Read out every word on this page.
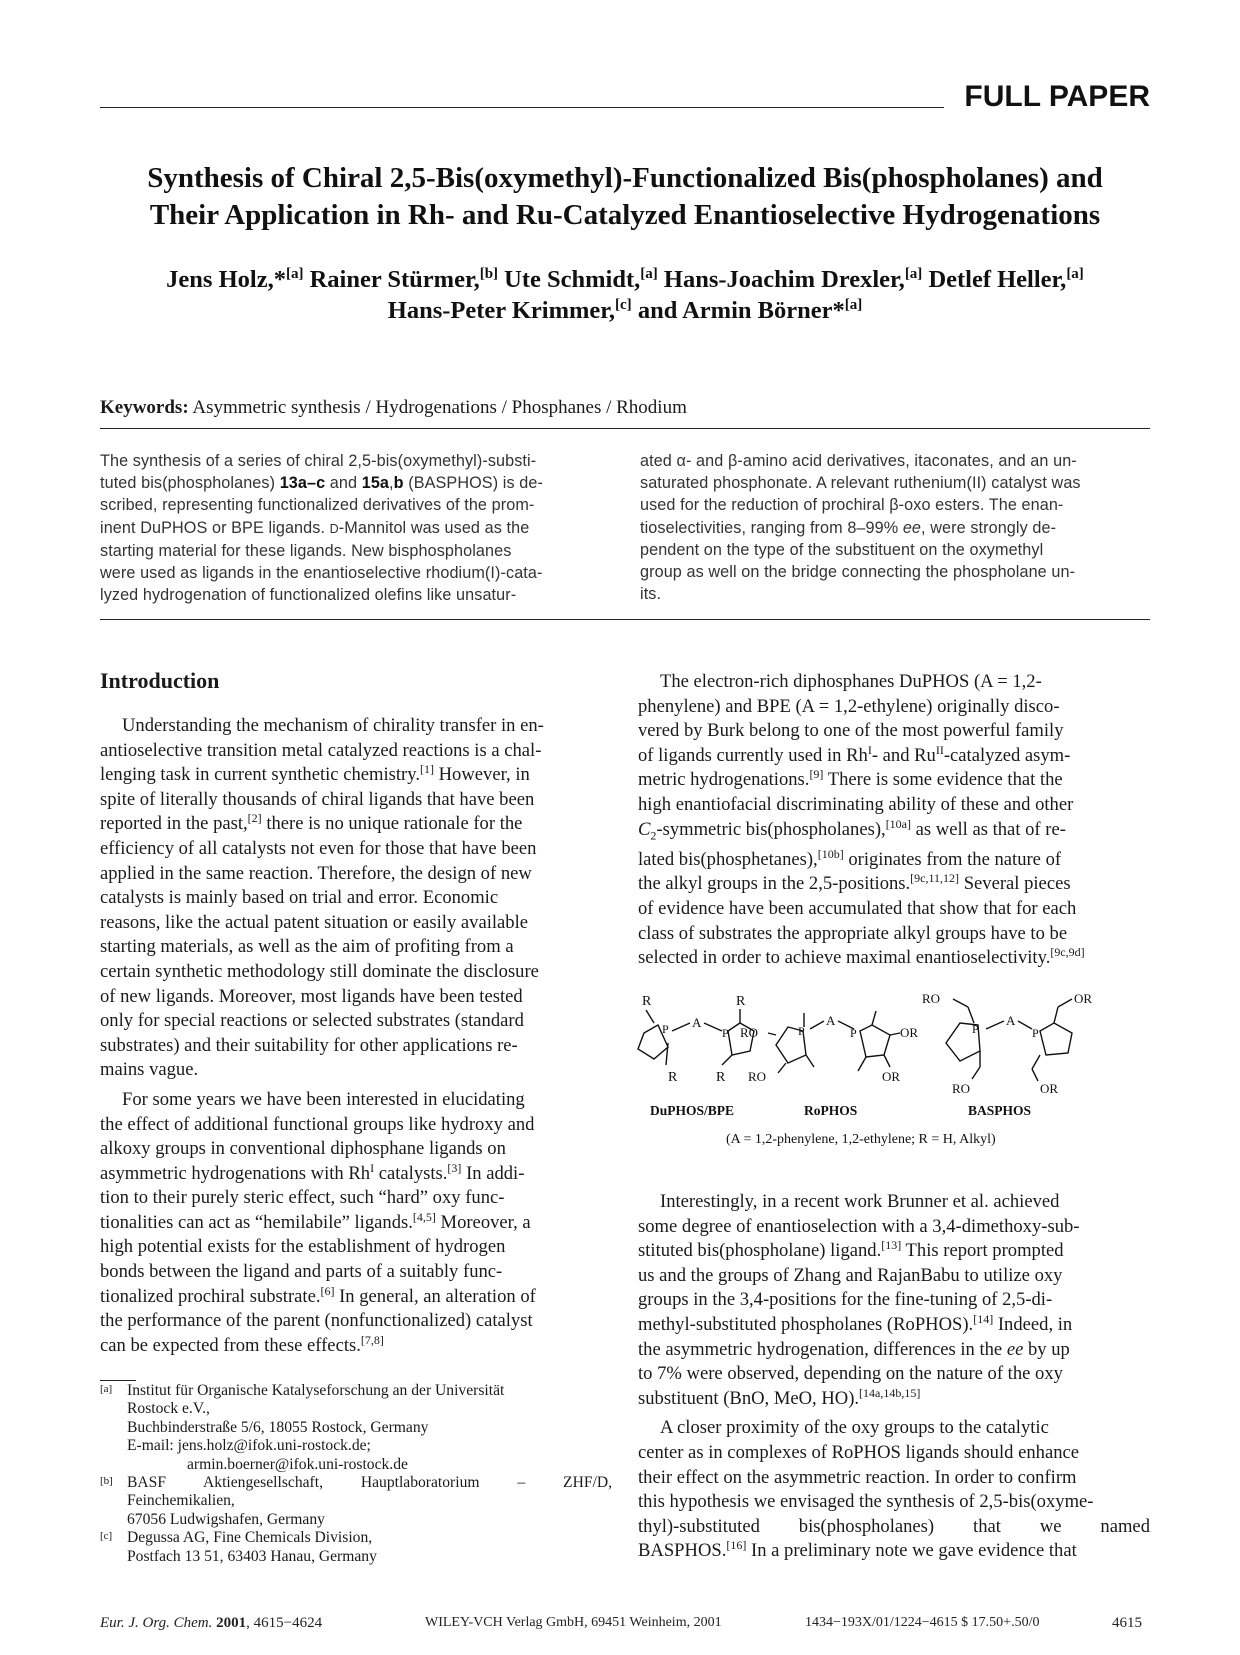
FULL PAPER
Synthesis of Chiral 2,5-Bis(oxymethyl)-Functionalized Bis(phospholanes) and
Their Application in Rh- and Ru-Catalyzed Enantioselective Hydrogenations
Jens Holz,*[a] Rainer Stürmer,[b] Ute Schmidt,[a] Hans-Joachim Drexler,[a] Detlef Heller,[a]
Hans-Peter Krimmer,[c] and Armin Börner*[a]
Keywords: Asymmetric synthesis / Hydrogenations / Phosphanes / Rhodium
The synthesis of a series of chiral 2,5-bis(oxymethyl)-substi-
tuted bis(phospholanes) 13a–c and 15a,b (BASPHOS) is de-
scribed, representing functionalized derivatives of the prom-
inent DuPHOS or BPE ligands. D-Mannitol was used as the
starting material for these ligands. New bisphospholanes
were used as ligands in the enantioselective rhodium(I)-cata-
lyzed hydrogenation of functionalized olefins like unsatur-
ated α- and β-amino acid derivatives, itaconates, and an un-
saturated phosphonate. A relevant ruthenium(II) catalyst was
used for the reduction of prochiral β-oxo esters. The enan-
tioselectivities, ranging from 8–99% ee, were strongly de-
pendent on the type of the substituent on the oxymethyl
group as well on the bridge connecting the phospholane un-
its.
Introduction
Understanding the mechanism of chirality transfer in en-
antioselective transition metal catalyzed reactions is a chal-
lenging task in current synthetic chemistry.[1] However, in
spite of literally thousands of chiral ligands that have been
reported in the past,[2] there is no unique rationale for the
efficiency of all catalysts not even for those that have been
applied in the same reaction. Therefore, the design of new
catalysts is mainly based on trial and error. Economic
reasons, like the actual patent situation or easily available
starting materials, as well as the aim of profiting from a
certain synthetic methodology still dominate the disclosure
of new ligands. Moreover, most ligands have been tested
only for special reactions or selected substrates (standard
substrates) and their suitability for other applications re-
mains vague.
For some years we have been interested in elucidating
the effect of additional functional groups like hydroxy and
alkoxy groups in conventional diphosphane ligands on
asymmetric hydrogenations with $Rh^I$ catalysts.[3] In addi-
tion to their purely steric effect, such “hard” oxy func-
tionalities can act as “hemilabile” ligands.[4,5] Moreover, a
high potential exists for the establishment of hydrogen
bonds between the ligand and parts of a suitably func-
tionalized prochiral substrate.[6] In general, an alteration of
the performance of the parent (nonfunctionalized) catalyst
can be expected from these effects.[7,8]
[a] Institut für Organische Katalyseforschung an der Universität
Rostock e.V.,
Buchbinderstraße 5/6, 18055 Rostock, Germany
E-mail: jens.holz@ifok.uni-rostock.de;
armin.boerner@ifok.uni-rostock.de
[b] BASF Aktiengesellschaft, Hauptlaboratorium – ZHF/D,
Feinchemikalien,
67056 Ludwigshafen, Germany
[c] Degussa AG, Fine Chemicals Division,
Postfach 13 51, 63403 Hanau, Germany
The electron-rich diphosphanes DuPHOS (A = 1,2-
phenylene) and BPE (A = 1,2-ethylene) originally disco-
vered by Burk belong to one of the most powerful family
of ligands currently used in $Rh^I-$ and $Ru^{II}$-catalyzed asym-
metric hydrogenations.[9] There is some evidence that the
high enantiofacial discriminating ability of these and other
$C_2$-symmetric bis(phospholanes),[10a] as well as that of re-
lated bis(phosphetanes),[10b] originates from the nature of
the alkyl groups in the 2,5-positions.[9c,11,12] Several pieces
of evidence have been accumulated that show that for each
class of substrates the appropriate alkyl groups have to be
selected in order to achieve maximal enantioselectivity.[9c,9d]
R
P A
P
R
R	R
RO
RO
P
A
P	OR
OR
RO
P
A
P
OR
RO	OR
DuPHOS/BPE	RoPHOS	BASPHOS
(A = 1,2-phenylene, 1,2-ethylene; R = H, Alkyl)
Interestingly, in a recent work Brunner et al. achieved
some degree of enantioselection with a 3,4-dimethoxy-sub-
stituted bis(phospholane) ligand.[13] This report prompted
us and the groups of Zhang and RajanBabu to utilize oxy
groups in the 3,4-positions for the fine-tuning of 2,5-di-
methyl-substituted phospholanes (RoPHOS).[14] Indeed, in
the asymmetric hydrogenation, differences in the ee by up
to 7% were observed, depending on the nature of the oxy
substituent (BnO, MeO, HO).[14a,14b,15]
A closer proximity of the oxy groups to the catalytic
center as in complexes of RoPHOS ligands should enhance
their effect on the asymmetric reaction. In order to confirm
this hypothesis we envisaged the synthesis of 2,5-bis(oxyme-
thyl)-substituted bis(phospholanes) that we named
BASPHOS.[16] In a preliminary note we gave evidence that
Eur. J. Org. Chem. 2001, 4615−4624	WILEY-VCH Verlag GmbH, 69451 Weinheim, 2001	1434−193X/01/1224−4615 $ 17.50+.50/0	4615
